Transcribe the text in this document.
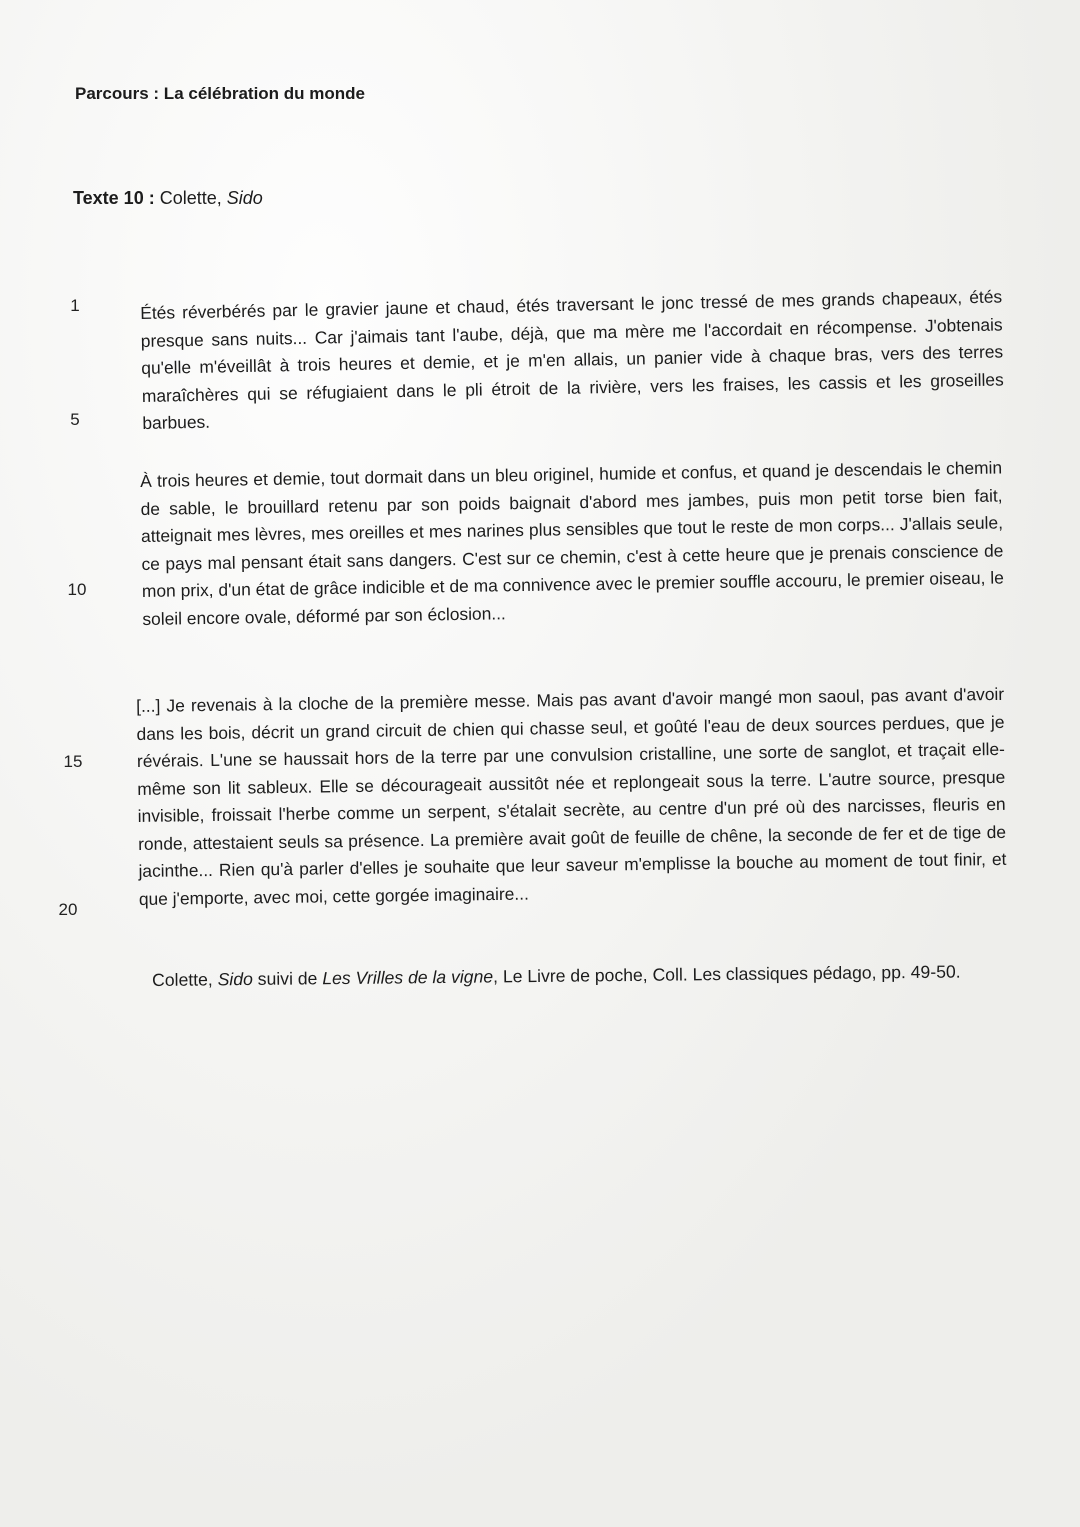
Parcours : La célébration du monde
Texte 10 : Colette, Sido
1
5
10
15
20

Étés réverbérés par le gravier jaune et chaud, étés traversant le jonc tressé de mes grands chapeaux, étés presque sans nuits... Car j'aimais tant l'aube, déjà, que ma mère me l'accordait en récompense. J'obtenais qu'elle m'éveillât à trois heures et demie, et je m'en allais, un panier vide à chaque bras, vers des terres maraîchères qui se réfugiaient dans le pli étroit de la rivière, vers les fraises, les cassis et les groseilles barbues.

À trois heures et demie, tout dormait dans un bleu originel, humide et confus, et quand je descendais le chemin de sable, le brouillard retenu par son poids baignait d'abord mes jambes, puis mon petit torse bien fait, atteignait mes lèvres, mes oreilles et mes narines plus sensibles que tout le reste de mon corps... J'allais seule, ce pays mal pensant était sans dangers. C'est sur ce chemin, c'est à cette heure que je prenais conscience de mon prix, d'un état de grâce indicible et de ma connivence avec le premier souffle accouru, le premier oiseau, le soleil encore ovale, déformé par son éclosion...

[...] Je revenais à la cloche de la première messe. Mais pas avant d'avoir mangé mon saoul, pas avant d'avoir dans les bois, décrit un grand circuit de chien qui chasse seul, et goûté l'eau de deux sources perdues, que je révérais. L'une se haussait hors de la terre par une convulsion cristalline, une sorte de sanglot, et traçait elle-même son lit sableux. Elle se décourageait aussitôt née et replongeait sous la terre. L'autre source, presque invisible, froissait l'herbe comme un serpent, s'étalait secrète, au centre d'un pré où des narcisses, fleuris en ronde, attestaient seuls sa présence. La première avait goût de feuille de chêne, la seconde de fer et de tige de jacinthe... Rien qu'à parler d'elles je souhaite que leur saveur m'emplisse la bouche au moment de tout finir, et que j'emporte, avec moi, cette gorgée imaginaire...

Colette, Sido suivi de Les Vrilles de la vigne, Le Livre de poche, Coll. Les classiques pédago, pp. 49-50.
